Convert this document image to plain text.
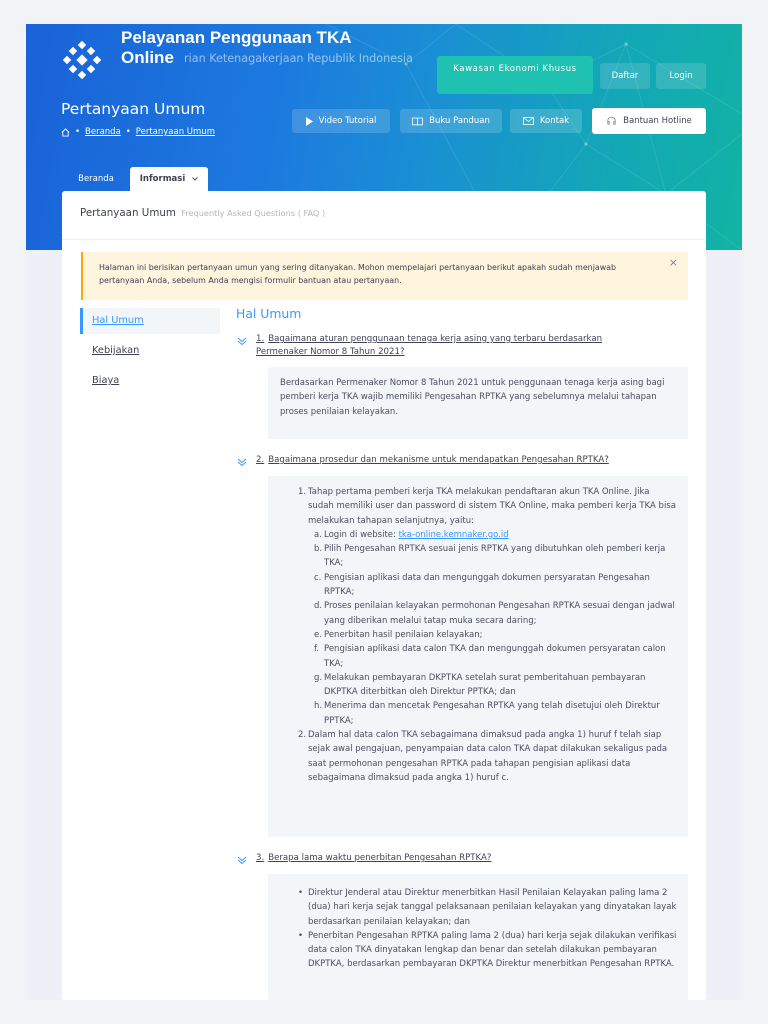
Pelayanan Penggunaan TKA
Online rian Ketenagakerjaan Republik Indonesia
Kawasan Ekonomi Khusus
Daftar	Login
Pertanyaan Umum
• Beranda • Pertanyaan Umum
Video Tutorial	Buku Panduan	Kontak	Bantuan Hotline
Beranda	Informasi
Pertanyaan Umum Frequently Asked Questions ( FAQ )

Halaman ini berisikan pertanyaan umun yang sering ditanyakan. Mohon mempelajari pertanyaan berikut apakah sudah menjawab pertanyaan Anda, sebelum Anda mengisi formulir bantuan atau pertanyaan.

×
Hal Umum
Kebijakan
Biaya
Hal Umum
1. Bagaimana aturan penggunaan tenaga kerja asing yang terbaru berdasarkan
Permenaker Nomor 8 Tahun 2021?

Berdasarkan Permenaker Nomor 8 Tahun 2021 untuk penggunaan tenaga kerja asing bagi pemberi kerja TKA wajib memiliki Pengesahan RPTKA yang sebelumnya melalui tahapan proses penilaian kelayakan.

2. Bagaimana prosedur dan mekanisme untuk mendapatkan Pengesahan RPTKA?
1. Tahap pertama pemberi kerja TKA melakukan pendaftaran akun TKA Online. Jika sudah memiliki user dan password di sistem TKA Online, maka pemberi kerja TKA bisa melakukan tahapan selanjutnya, yaitu:
a. Login di website: tka-online.kemnaker.go.id
b. Pilih Pengesahan RPTKA sesuai jenis RPTKA yang dibutuhkan oleh pemberi kerja TKA;
c. Pengisian aplikasi data dan mengunggah dokumen persyaratan Pengesahan RPTKA;
d. Proses penilaian kelayakan permohonan Pengesahan RPTKA sesuai dengan jadwal yang diberikan melalui tatap muka secara daring;
e. Penerbitan hasil penilaian kelayakan;
f. Pengisian aplikasi data calon TKA dan mengunggah dokumen persyaratan calon TKA;
g. Melakukan pembayaran DKPTKA setelah surat pemberitahuan pembayaran DKPTKA diterbitkan oleh Direktur PPTKA; dan
h. Menerima dan mencetak Pengesahan RPTKA yang telah disetujui oleh Direktur PPTKA;
2. Dalam hal data calon TKA sebagaimana dimaksud pada angka 1) huruf f telah siap sejak awal pengajuan, penyampaian data calon TKA dapat dilakukan sekaligus pada saat permohonan pengesahan RPTKA pada tahapan pengisian aplikasi data sebagaimana dimaksud pada angka 1) huruf c.
3. Berapa lama waktu penerbitan Pengesahan RPTKA?
• Direktur Jenderal atau Direktur menerbitkan Hasil Penilaian Kelayakan paling lama 2 (dua) hari kerja sejak tanggal pelaksanaan penilaian kelayakan yang dinyatakan layak berdasarkan penilaian kelayakan; dan
• Penerbitan Pengesahan RPTKA paling lama 2 (dua) hari kerja sejak dilakukan verifikasi data calon TKA dinyatakan lengkap dan benar dan setelah dilakukan pembayaran DKPTKA, berdasarkan pembayaran DKPTKA Direktur menerbitkan Pengesahan RPTKA.
